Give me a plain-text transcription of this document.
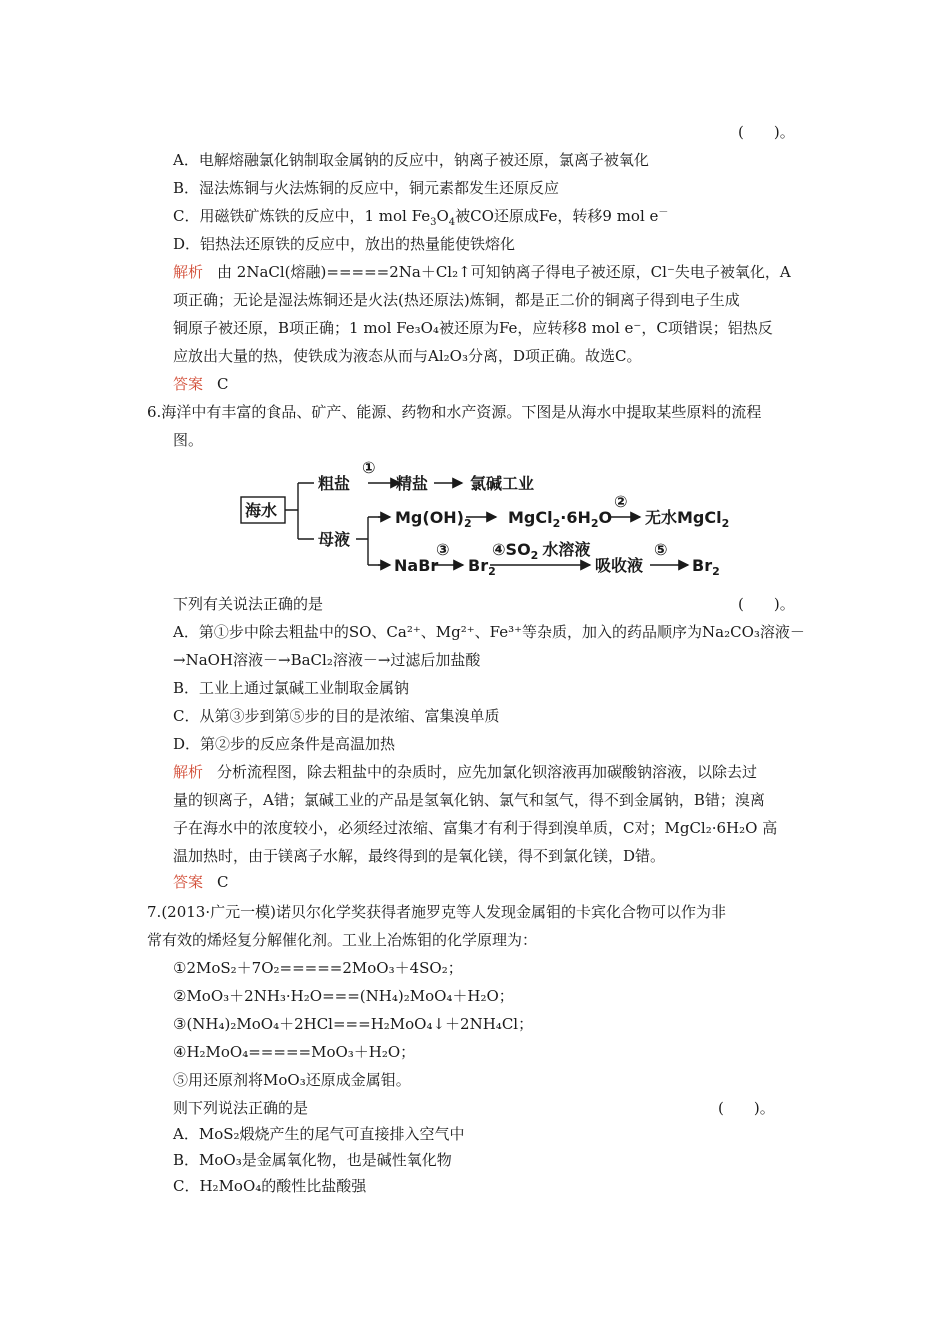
(　　)。
A．电解熔融氯化钠制取金属钠的反应中，钠离子被还原，氯离子被氧化
B．湿法炼铜与火法炼铜的反应中，铜元素都发生还原反应
C．用磁铁矿炼铁的反应中，1 mol $Fe_3O_4$被CO还原成Fe，转移9 mol e－
D．铝热法还原铁的反应中，放出的热量能使铁熔化
解析 由 2NaCl(熔融)=====2Na＋Cl₂↑可知钠离子得电子被还原，Cl⁻失电子被氧化，A
项正确；无论是湿法炼铜还是火法(热还原法)炼铜，都是正二价的铜离子得到电子生成
铜原子被还原，B项正确；1 mol Fe₃O₄被还原为Fe，应转移8 mol e⁻，C项错误；铝热反
应放出大量的热，使铁成为液态从而与Al₂O₃分离，D项正确。故选C。
答案 C
6.海洋中有丰富的食品、矿产、能源、药物和水产资源。下图是从海水中提取某些原料的流程
图。
海水
粗盐
①
精盐	氯碱工业
母液
$Mg(OH)_2$ $MgCl_2\cdot 6H_2O$
②
无水MgCl$_2$
NaBr
③
$Br_2$
$④SO_2$ 水溶液
吸收液
⑤
$Br_2$
下列有关说法正确的是	(　　)。
A．第①步中除去粗盐中的SO、Ca²⁺、Mg²⁺、Fe³⁺等杂质，加入的药品顺序为Na₂CO₃溶液－
→NaOH溶液－→BaCl₂溶液－→过滤后加盐酸
B．工业上通过氯碱工业制取金属钠
C．从第③步到第⑤步的目的是浓缩、富集溴单质
D．第②步的反应条件是高温加热
解析 分析流程图，除去粗盐中的杂质时，应先加氯化钡溶液再加碳酸钠溶液，以除去过
量的钡离子，A错；氯碱工业的产品是氢氧化钠、氯气和氢气，得不到金属钠，B错；溴离
子在海水中的浓度较小，必须经过浓缩、富集才有利于得到溴单质，C对；MgCl₂·6H₂O 高
温加热时，由于镁离子水解，最终得到的是氧化镁，得不到氯化镁，D错。
答案 C
7.(2013·广元一模)诺贝尔化学奖获得者施罗克等人发现金属钼的卡宾化合物可以作为非
常有效的烯烃复分解催化剂。工业上冶炼钼的化学原理为：
①2MoS₂＋7O₂=====2MoO₃＋4SO₂；
②MoO₃＋2NH₃·H₂O===(NH₄)₂MoO₄＋H₂O；
③(NH₄)₂MoO₄＋2HCl===H₂MoO₄↓＋2NH₄Cl；
④H₂MoO₄=====MoO₃＋H₂O；
⑤用还原剂将MoO₃还原成金属钼。
则下列说法正确的是	(　　)。
A．MoS₂煅烧产生的尾气可直接排入空气中
B．MoO₃是金属氧化物，也是碱性氧化物
C．H₂MoO₄的酸性比盐酸强
